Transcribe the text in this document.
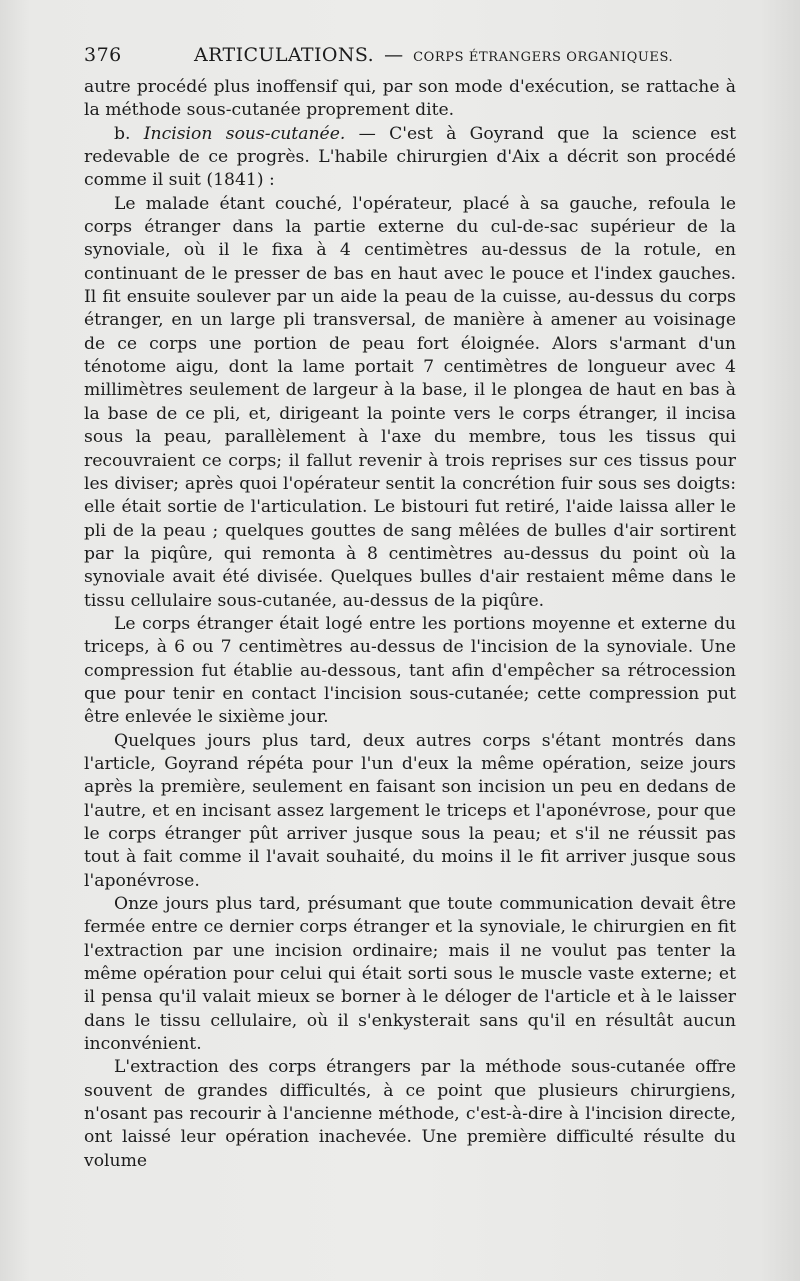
376	ARTICULATIONS. — CORPS ÉTRANGERS ORGANIQUES.

autre procédé plus inoffensif qui, par son mode d'exécution, se rattache à la méthode sous-cutanée proprement dite.

b. Incision sous-cutanée. — C'est à Goyrand que la science est redevable de ce progrès. L'habile chirurgien d'Aix a décrit son procédé comme il suit (1841) :

Le malade étant couché, l'opérateur, placé à sa gauche, refoula le corps étranger dans la partie externe du cul-de-sac supérieur de la synoviale, où il le fixa à 4 centimètres au-dessus de la rotule, en continuant de le presser de bas en haut avec le pouce et l'index gauches. Il fit ensuite soulever par un aide la peau de la cuisse, au-dessus du corps étranger, en un large pli transversal, de manière à amener au voisinage de ce corps une portion de peau fort éloignée. Alors s'armant d'un ténotome aigu, dont la lame portait 7 centimètres de longueur avec 4 millimètres seulement de largeur à la base, il le plongea de haut en bas à la base de ce pli, et, dirigeant la pointe vers le corps étranger, il incisa sous la peau, parallèlement à l'axe du membre, tous les tissus qui recouvraient ce corps; il fallut revenir à trois reprises sur ces tissus pour les diviser; après quoi l'opérateur sentit la concrétion fuir sous ses doigts: elle était sortie de l'articulation. Le bistouri fut retiré, l'aide laissa aller le pli de la peau ; quelques gouttes de sang mêlées de bulles d'air sortirent par la piqûre, qui remonta à 8 centimètres au-dessus du point où la synoviale avait été divisée. Quelques bulles d'air restaient même dans le tissu cellulaire sous-cutanée, au-dessus de la piqûre.

Le corps étranger était logé entre les portions moyenne et externe du triceps, à 6 ou 7 centimètres au-dessus de l'incision de la synoviale. Une compression fut établie au-dessous, tant afin d'empêcher sa rétrocession que pour tenir en contact l'incision sous-cutanée; cette compression put être enlevée le sixième jour.

Quelques jours plus tard, deux autres corps s'étant montrés dans l'article, Goyrand répéta pour l'un d'eux la même opération, seize jours après la première, seulement en faisant son incision un peu en dedans de l'autre, et en incisant assez largement le triceps et l'aponévrose, pour que le corps étranger pût arriver jusque sous la peau; et s'il ne réussit pas tout à fait comme il l'avait souhaité, du moins il le fit arriver jusque sous l'aponévrose.

Onze jours plus tard, présumant que toute communication devait être fermée entre ce dernier corps étranger et la synoviale, le chirurgien en fit l'extraction par une incision ordinaire; mais il ne voulut pas tenter la même opération pour celui qui était sorti sous le muscle vaste externe; et il pensa qu'il valait mieux se borner à le déloger de l'article et à le laisser dans le tissu cellulaire, où il s'enkysterait sans qu'il en résultât aucun inconvénient.

L'extraction des corps étrangers par la méthode sous-cutanée offre souvent de grandes difficultés, à ce point que plusieurs chirurgiens, n'osant pas recourir à l'ancienne méthode, c'est-à-dire à l'incision directe, ont laissé leur opération inachevée. Une première difficulté résulte du volume
